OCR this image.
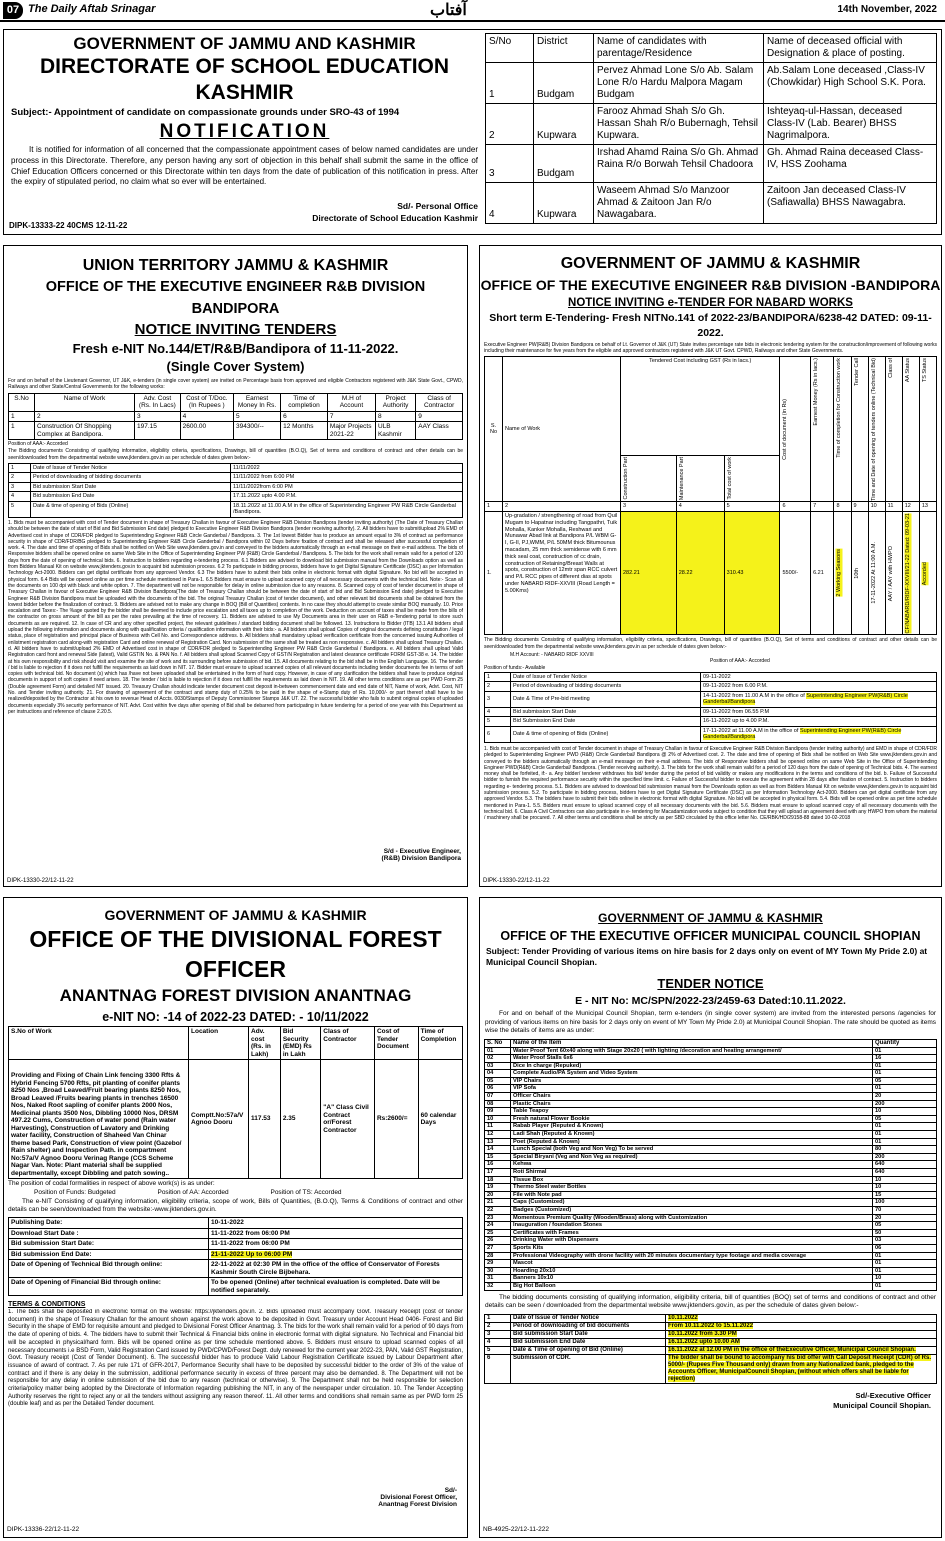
07 The Daily Aftab Srinagar	آفتاب	14th November, 2022
GOVERNMENT OF JAMMU AND KASHMIR
DIRECTORATE OF SCHOOL EDUCATION KASHMIR
Subject:- Appointment of candidate on compassionate grounds under SRO-43 of 1994
NOTIFICATION
It is notified for information of all concerned that the compassionate appointment cases of below named candidates are under process in this Directorate. Therefore, any person having any sort of objection in this behalf shall submit the same in the office of Chief Education Officers concerned or this Directorate within ten days from the date of publication of this notification in press. After the expiry of stipulated period, no claim what so ever will be entertained.
Sd/- Personal Office
Directorate of School Education Kashmir
DIPK-13333-22 40CMS 12-11-22
S/No	District	Name of candidates with parentage/Residence	Name of deceased official with Designation & place of posting.
1	Budgam	Pervez Ahmad Lone S/o Ab. Salam Lone R/o Hardu Malpora Magam Budgam	Ab.Salam Lone deceased ,Class-IV (Chowkidar) High School S.K. Pora.
2	Kupwara	Farooz Ahmad Shah S/o Gh. Hassan Shah R/o Bubernagh, Tehsil Kupwara.	Ishteyaq-ul-Hassan, deceased Class-IV (Lab. Bearer) BHSS Nagrimalpora.
3	Budgam	Irshad Ahamd Raina S/o Gh. Ahmad Raina R/o Borwah Tehsil Chadoora	Gh. Ahmad Raina deceased Class-IV, HSS Zoohama
4	Kupwara	Waseem Ahmad S/o Manzoor Ahmad & Zaitoon Jan R/o Nawagabara.	Zaitoon Jan deceased Class-IV (Safiawalla) BHSS Nawagabra.
UNION TERRITORY JAMMU & KASHMIR
OFFICE OF THE EXECUTIVE ENGINEER R&B DIVISION BANDIPORA
NOTICE INVITING TENDERS
Fresh e-NIT No.144/ET/R&B/Bandipora of 11-11-2022.
(Single Cover System)
For and on behalf of the Lieutenant Governor, UT J&K, e-tenders (in single cover system) are invited on Percentage basis from approved and eligible Contractors registered with J&K State Govt., CPWD, Railways and other State/Central Governments for the following works:
S.No	Name of Work	Adv. Cost (Rs. In Lacs)	Cost of T/Doc. (In Rupees )	Earnest Money In Rs.	Time of completion	M.H of Account	Project Authority	Class of Contractor
1	2	3	4	5	6	7	8	9
1	Construction Of Shopping Complex at Bandipora.	197.15	2600.00	394300/--	12 Months	Major Projects 2021-22	ULB Kashmir	AAY Class
Position of AAA:- Accorded
The Bidding documents Consisting of qualifying information, eligibility criteria, specifications, Drawings, bill of quantities (B.O.Q), Set of terms and conditions of contract and other details can be seen/downloaded from the departmental website www.jktenders.gov.in as per schedule of dates given below:-
1	Date of Issue of Tender Notice	11/11/2022
2	Period of downloading of bidding documents	11/11/2022 from 6:00 PM
3	Bid submission Start Date	11/11/2022from 6:00 PM
4	Bid submission End Date	17.11.2022 upto 4.00 P.M.
5	Date & time of opening of Bids (Online)	18.11.2022 at 11.00 A.M in the office of Superintending Engineer PW R&B Circle Ganderbal /Bandipora.
1. Bids must be accompanied with cost of Tender document in shape of Treasury Challan in favour of Executive Engineer R&B Division Bandipora (tender inviting authority) (The Date of Treasury Challan should be between the date of start of Bid and Bid Submission End date) pledged to Executive Engineer R&B Division Bandipora (tender receiving authority). 2. All bidders have to submit/upload 2% EMD of Advertised cost in shape of CDR/FDR pledged to Superintending Engineer R&B Circle Ganderbal / Bandipora. 3. The 1st lowest Bidder has to produce an amount equal to 3% of contract as performance security in shape of CDR/FDR/BG pledged to Superintending Engineer R&B Circle Ganderbal / Bandipora within 02 Days before fixation of contract and shall be released after successful completion of work. 4. The date and time of opening of Bids shall be notified on Web Site www.jktenders.gov.in and conveyed to the bidders automatically through an e-mail message on their e-mail address. The bids of Responsive bidders shall be opened online on same Web Site in the Office of Superintending Engineer PW (R&B) Circle Ganderbal / Bandipora. 5. The bids for the work shall remain valid for a period of 120 days from the date of opening of technical bids. 6. Instruction to bidders regarding e-tendering process. 6.1 Bidders are advised to download bid submission manual from the Downloads option as well as from Bidders Manual Kit on website www.jktenders.gov.in to acquaint bid submission process. 6.2 To participate in bidding process, bidders have to get Digital Signature Certificate (DSC) as per Information Technology Act-2000. Bidders can get digital certificate from any approved Vendor. 6.3 The bidders have to submit their bids online in electronic format with digital Signature. No bid will be accepted in physical form. 6.4 Bids will be opened online as per time schedule mentioned in Para-1. 6.5 Bidders must ensure to upload scanned copy of all necessary documents with the technical bid. Note:- Scan all the documents on 100 dpi with black and white option. 7. The department will not be responsible for delay in online submission due to any reasons. 8. Scanned copy of cost of tender document in shape of Treasury Challan in favour of Executive Engineer R&B Division Bandipora(The date of Treasury Challan should be between the date of start of bid and Bid Submission End date) pledged to Executive Engineer R&B Division Bandipora must be uploaded with the documents of the bid. The original Treasury Challan (cost of tender document), and other relevant bid documents shall be obtained from the lowest bidder before the finalization of contract. 9. Bidders are advised not to make any change in BOQ (Bill of Quantities) contents. In no case they should attempt to create similar BOQ manually. 10. Price escalation and Taxes:- The %age quoted by the bidder shall be deemed to include price escalation and all taxes up to completion of the work. Deduction on account of taxes shall be made from the bills of the contractor on gross amount of the bill as per the rates prevailing at the time of recovery. 11. Bidders are advised to use My Documents area in their user on R&B e-Tendering portal to store such documents as are required. 12. In case of CR and any other specified project, the relevant guidelines / standard bidding document shall be followed. 13. Instructions to Bidder (ITB) 13.1 All bidders shall upload the following information and documents along with qualification criteria / qualification information with their bids:- a. All bidders shall upload Copies of original documents defining constitution / legal status, place of registration and principal place of Business with Cell No. and Correspondence address. b. All bidders shall mandatory upload verification certificate from the concerned issuing Authorities of enlistment registration card along-with registration Card and online renewal of Registration Card. Non submission of the same shall be treated as non responsive. c. All bidders shall upload Treasury Challan. d. All bidders have to submit/upload 2% EMD of Advertised cost in shape of CDR/FDR pledged to Superintending Engineer PW R&B Circle Ganderbal / Bandipora. e. All bidders shall upload Valid Registration card front and renewal Side (latest), Valid GSTIN No. & PAN No. f. All bidders shall upload Scanned Copy of GST/N Registration and latest clearance certificate FORM GST-38 e. 14. The bidder at his own responsibility and risk should visit and examine the site of work and its surrounding before submission of bid. 15. All documents relating to the bid shall be in the English Language. 16. The tender / bid is liable to rejection if it does not fulfill the requirements as laid down in NIT. 17. Bidder must ensure to upload scanned copies of all relevant documents including tender documents fee in terms of soft copies with technical bid. No document (s) which has /have not been uploaded shall be entertained in the form of hard copy. However, in case of any clarification the bidders shall have to produce original documents in support of soft copies if need arises. 18. The tender / bid is liable to rejection if it does not fulfill the requirements as laid down in NIT. 19. All other terms conditions are as per PWD Form 25 (Double agreement Form) and detailed NIT issued. 20. Treasury Challan should indicate tender document cost deposit in-between commencement date and end date of NIT, Name of work, Advt. Cost, NIT No. and Tender inviting authority. 21. For drawing of agreement of the contract and stamp duty of 0.25% to be paid in the shape of e-Stamp duty of Rs. 10,000/- or part thereof shall have to be realized/deposited by the Contractor at his own to revenue Head of Accts. 0030/Stamps of Deputy Commissioner Stamps J&K UT. 22. The successful bidder who fails to submit original copies of uploaded documents especially 3% security performance of NIT. Advt. Cost within five days after opening of Bid shall be debarred from participating in future tendering for a period of one year with this Department as per instructions and reference of clause 2.20.5.
S/d - Executive Engineer,
(R&B) Division Bandipora
DIPK-13330-22/12-11-22
GOVERNMENT OF JAMMU & KASHMIR
OFFICE OF THE EXECUTIVE ENGINEER R&B DIVISION -BANDIPORA
NOTICE INVITING e-TENDER FOR NABARD WORKS
Short term E-Tendering- Fresh NITNo.141 of 2022-23/BANDIPORA/6238-42 DATED: 09-11-2022.
Executive Engineer PW(R&B) Division Bandipora on behalf of Lt. Governor of J&K (UT) State invites percentage rate bids in electronic tendering system for the construction/improvement of following works including their maintenance for five years from the eligible and approved contractors registered with J&K UT Govt. CPWD, Railways and other State Governments.
S. No	Name of Work	Tendered Cost including GST (Rs in lacs.)			Cost of document (in Rs)	Earnest Money (Rs in lacs.)	Time of completion for Construction work	Tender Call	Time and Date of opening of tenders online (Technical Bid)	Class of	AA Status	TS Status

		Construction Part	Maintenance Part	Total cost of work								

1	2	3	4	5	6	7	8	9	10	11	12	13
1.	Up-gradation / strengthening of road from Quil Mugam to Hapatnar including Tangpathri, Tuik Mohalla, Kanker Mohalla, Reshwari and Munawar Abad link at Bandipora P/L WBM G-I, G-II, PJ,WMM, P/L 50MM thick Bitumounus macadam, 25 mm thick semidense with 6 mm thick seal coat, construction of cc drain, construction of Retaining/Breast Walls at spots, construction of 12mtr span RCC culvert and P/L RCC pipes of different dias at spots under NABARD RIDF-XXVIII (Road Length = 5.00Kms)	282.21	28.22	310.43	5500/-	6.21	2 Working Seasons	10th	17-11-2022 At 11:00 A.M.	AAY / AAY with HWPO	CF/NABARD/RIDF-XXVIII/21-22 Dated: 09-03-21	Accorded
The Bidding documents Consisting of qualifying information, eligibility criteria, specifications, Drawings, bill of quantities (B.O.Q), Set of terms and conditions of contract and other details can be seen/downloaded from the departmental website www.jktenders.gov.in as per schedule of dates given below:-
M.H Account: - NABARD RIDF XXVIII
Position of AAA:- Accorded
Position of funds:- Available
1	Date of Issue of Tender Notice	09-11-2022
2	Period of downloading of bidding documents	09-11-2022 from 6.00 P.M.
3	Date & Time of Pre-bid meeting	14-11-2022 from 11.00 A.M in the office of Superintending Engineer PW(R&B) Circle Ganderbal/Bandipora
4	Bid submission Start Date	09-11-2022 from 06.55 P.M
5	Bid Submission End Date	16-11-2022 up to 4.00 P.M.
6	Date & time of opening of Bids (Online)	17-11-2022 at 11.00 A.M in the office of Superintending Engineer PW(R&B) Circle Ganderbal/Bandipora
1. Bids must be accompanied with cost of Tender document in shape of Treasury Challan in favour of Executive Engineer R&B Division Bandipora (tender inviting authority) and EMD in shape of CDR/FDR pledged to Superintending Engineer PWD (R&B) Circle Ganderbal/ Bandipora @ 2% of Advertised cost. 2. The date and time of opening of Bids shall be notified on Web Site www.jktenders.gov.in and conveyed to the bidders automatically through an e-mail message on their e-mail address. The bids of Responsive bidders shall be opened online on same Web Site in the Office of Superintending Engineer PWD(R&B) Circle Ganderbal/ Bandipora. (Tender receiving authority). 3. The bids for the work shall remain valid for a period of 120 days from the date of opening of Technical bids. 4. The earnest money shall be forfeited, if:- a. Any bidder/ tenderer withdraws his bid/ tender during the period of bid validity or makes any modifications in the terms and conditions of the bid. b. Failure of Successful bidder to furnish the required performance security within the specified time limit. c. Failure of Successful bidder to execute the agreement within 28 days after fixation of contract. 5. Instruction to bidders regarding e- tendering process. 5.1. Bidders are advised to download bid submission manual from the Downloads option as well as from Bidders Manual Kit on website www.jktenders.gov.in to acquaint bid submission process. 5.2. To participate in bidding process, bidders have to get Digital Signature Certificate (DSC) as per Information Technology Act-2000. Bidders can get digital certificate from any approved Vendor. 5.3. The bidders have to submit their bids online in electronic format with digital Signature. No bid will be accepted in physical form. 5.4. Bids will be opened online as per time schedule mentioned in Para-1. 5.5. Bidders must ensure to upload scanned copy of all necessary documents with the bid. 5.6. Bidders must ensure to upload scanned copy of all necessary documents with the technical bid. 6. Class A Civil Contractors can also participate in e- tendering for Macadamization works subject to condition that they will upload an agreement deed with any HWPO from whom the material / machinery shall be procured. 7. All other terms and conditions shall be strictly as per SBD circulated by this office letter No. CE/RBK/HD/29158-88 dated 10-02-2018
DIPK-13330-22/12-11-22
GOVERNMENT OF JAMMU & KASHMIR
OFFICE OF THE DIVISIONAL FOREST OFFICER
ANANTNAG FOREST DIVISION ANANTNAG
e-NIT NO: -14 of 2022-23 DATED: - 10/11/2022
S.No of Work	Location	Adv. cost (Rs. in Lakh)	Bid Security (EMD) Rs in Lakh	Class of Contractor	Cost of Tender Document	Time of Completion
Providing and Fixing of Chain Link fencing 3300 Rfts & Hybrid Fencing 5700 Rfts, pit planting of conifer plants 8250 Nos ,Broad Leaved/Fruit bearing plants 8250 Nos, Broad Leaved /Fruits bearing plants in trenches 16500 Nos, Naked Root sapling of conifer plants 2000 Nos, Medicinal plants 3500 Nos, Dibbling 10000 Nos, DRSM 497.22 Cums, Construction of water pond (Rain water Harvesting), Construction of Lavatory and Drinking water facility, Construction of Shaheed Van Chinar theme based Park, Construction of view point (Gazebo/ Rain shelter) and Inspection Path. in compartment No:57a/V Agnoo Dooru Verinag Range (CCS Scheme Nagar Van. Note: Plant material shall be supplied departmentally, except Dibbling and patch sowing..	Comptt.No:57a/V Agnoo Dooru	117.53	2.35	"A" Class Civil Contract or/Forest Contractor	Rs:2600/=	60 calendar Days
The position of codal formalities in respect of above work(s) is as under:
Position of Funds: Budgeted	Position of AA: Accorded	Position of TS: Accorded
The e-NIT Consisting of qualifying information, eligibility criteria, scope of work, Bills of Quantities, (B.O.Q), Terms & Conditions of contract and other details can be seen/downloaded from the website:-www.jktenders.gov.in.
Publishing Date:	10-11-2022
Download Start Date :	11-11-2022 from 06:00 PM
Bid submission Start Date:	11-11-2022 from 06:00 PM
Bid submission End Date:	21-11-2022 Up to 06:00 PM
Date of Opening of Technical Bid through online:	22-11-2022 at 02:30 PM in the office of the office of Conservator of Forests Kashmir South Circle Bijbehara.
Date of Opening of Financial Bid through online:	To be opened (Online) after technical evaluation is completed. Date will be notified separately.
TERMS & CONDITIONS
1. The bids shall be deposited in electronic format on the website: https://jktenders.gov.in. 2. Bids uploaded must accompany Govt. Treasury Receipt (cost of tender document) in the shape of Treasury Challan for the amount shown against the work above to be deposited in Govt. Treasury under Account Head 0406- Forest and Bid Security in the shape of EMD for requisite amount and pledged to Divisional Forest Officer Anantnag. 3. The bids for the work shall remain valid for a period of 90 days from the date of opening of bids. 4. The bidders have to submit their Technical & Financial bids online in electronic format with digital signature. No Technical and Financial bid will be accepted in physical/hard form. Bids will be opened online as per time schedule mentioned above. 5. Bidders must ensure to upload scanned copies of all necessary documents i.e BSD Form, Valid Registration Card issued by PWD/CPWD/Forest Degtt. duly renewed for the current year 2022-23, PAN, Valid GST Registration, Govt. Treasury receipt (Cost of Tender Document). 6. The successful bidder has to produce Valid Labour Registration Certificate issued by Labour Department after issuance of award of contract. 7. As per rule 171 of GFR-2017, Performance Security shall have to be deposited by successful bidder to the order of 3% of the value of contract and if there is any delay in the submission, additional performance security in excess of three percent may also be demanded. 8. The Department will not be responsible for any delay in online submission of the bid due to any reason (technical or otherwise). 9. The Department shall not be held responsible for selection criteria/policy matter being adopted by the Directorate of Information regarding publishing the NIT, in any of the newspaper under circulation. 10. The Tender Accepting Authority reserves the right to reject any or all the tenders without assigning any reason thereof. 11. All other terms and conditions shall remain same as per PWD form 25 (double leaf) and as per the Detailed Tender document.
Sd/-
Divisional Forest Officer,
Anantnag Forest Division
DIPK-13336-22/12-11-22
GOVERNMENT OF JAMMU & KASHMIR
OFFICE OF THE EXECUTIVE OFFICER MUNICIPAL COUNCIL SHOPIAN
Subject: Tender Providing of various items on hire basis for 2 days only on event of MY Town My Pride 2.0) at Municipal Council Shopian.
TENDER NOTICE
E - NIT No: MC/SPN/2022-23/2459-63 Dated:10.11.2022.
For and on behalf of the Municipal Council Shopian, term e-tenders (in single cover system) are invited from the interested persons /agencies for providing of various items on hire basis for 2 days only on event of MY Town My Pride 2.0) at Municipal Council Shopian. The rate should be quoted as items wise the details of items are as under:
S. No	Name of the Item	Quantity
01	Water Proof Tent 60x40 along with Stage 20x20 ( with lighting /decoration and heating arrangement/	01
02	Water Proof Stalls 6x6	16
03	Dice In charge (Repuked)	01
04	Complete Audio/PA System and Video System	01
05	VIP Chairs	05
06	VIP Sofa	01
07	Officer Chairs	20
08	Plastic Chairs	200
09	Table Teapoy	10
10	Fresh natural Flower Bookie	05
11	Rabab Player (Reputed & Known)	01
12	Ladi Shah (Reputed & Known)	01
13	Poet (Reputed & Known)	01
14	Lunch Special (both Veg and Non Veg) To be served	80
15	Special Biryani (Veg and Non Veg as required)	200
16	Kehwa	640
17	Roti Shirmal	640
18	Tissue Box	10
19	Thermo Steel water Bottles	10
20	File with Note pad	15
21	Caps (Customized)	100
22	Badges (Customized)	70
23	Momentous Premium Quality (Wooden/Brass) along with Customization	20
24	Inauguration / foundation Stones	05
25	Certificates with Frames	50
26	Drinking Water with Dispensers	03
27	Sports Kits	06
28	Professional Videography with drone facility with 20 minutes documentary type footage and media coverage	01
29	Mascot	01
30	Hoarding 20x10	01
31	Banners 10x10	10
32	Big Hot Balloon	01
The bidding documents consisting of qualifying information, eligibility criteria, bill of quantities (BOQ) set of terms and conditions of contract and other details can be seen / downloaded from the departmental website www.jktenders.gov.in, as per the schedule of dates given below:-
1	Date of Issue of Tender Notice	10.11.2022
2	Period of downloading of bid documents	From 10.11.2022 to 15.11.2022
3	Bid submission Start Date	10.11.2022 from 3.30 PM
4	Bid submission End Date	16.11.2022 upto 10.00 AM
5	Date & Time of opening of Bid (Online)	16.11.2022 at 12.00 PM in the office of theExecutive Officer, Municipal Council Shopian.
6	Submission of CDR.	The bidder shall be bound to accompany his bid offer with Call Deposit Receipt (CDR) of Rs. 5000/- (Rupees Five Thousand only) drawn from any Nationalized bank, pledged to the Accounts Officer, MunicipalCouncil Shopian, (without which offers shall be liable for rejection)
Sd/-Executive Officer
Municipal Council Shopian.
NB-4925-22/12-11-222
